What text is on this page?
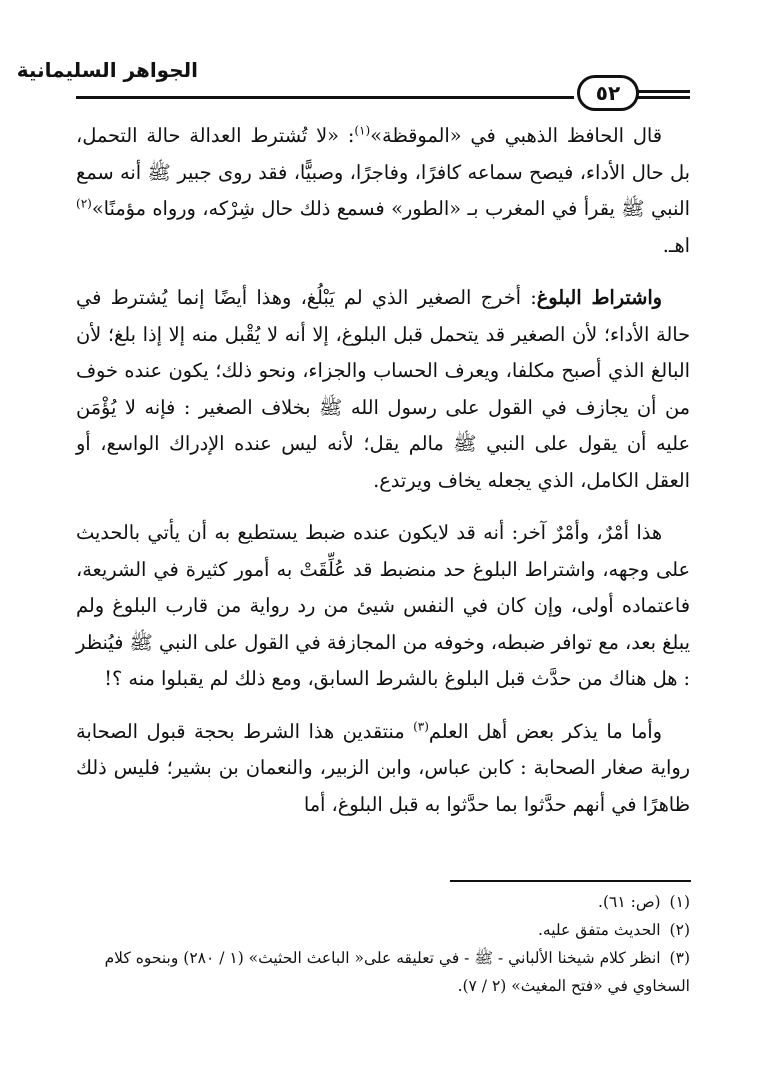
الجواهر السليمانية
٥٢

قال الحافظ الذهبي في «الموقظة»$^{(١)}$: «لا تُشترط العدالة حالة التحمل، بل حال الأداء، فيصح سماعه كافرًا، وفاجرًا، وصبيًّا، فقد روى جبير ﷺ أنه سمع النبي ﷺ يقرأ في المغرب بـ «الطور» فسمع ذلك حال شِرْكه، ورواه مؤمنًا»$^{(٢)}$ اهـ.

واشتراط البلوغ: أخرج الصغير الذي لم يَبْلُغ، وهذا أيضًا إنما يُشترط في حالة الأداء؛ لأن الصغير قد يتحمل قبل البلوغ، إلا أنه لا يُقْبل منه إلا إذا بلغ؛ لأن البالغ الذي أصبح مكلفا، ويعرف الحساب والجزاء، ونحو ذلك؛ يكون عنده خوف من أن يجازف في القول على رسول الله ﷺ بخلاف الصغير : فإنه لا يُؤْمَن عليه أن يقول على النبي ﷺ مالم يقل؛ لأنه ليس عنده الإدراك الواسع، أو العقل الكامل، الذي يجعله يخاف ويرتدع.

هذا أمْرٌ، وأمْرٌ آخر: أنه قد لايكون عنده ضبط يستطيع به أن يأتي بالحديث على وجهه، واشتراط البلوغ حد منضبط قد عُلِّقَتْ به أمور كثيرة في الشريعة، فاعتماده أولى، وإن كان في النفس شيئ من رد رواية من قارب البلوغ ولم يبلغ بعد، مع توافر ضبطه، وخوفه من المجازفة في القول على النبي ﷺ فيُنظر : هل هناك من حدَّث قبل البلوغ بالشرط السابق، ومع ذلك لم يقبلوا منه ؟!

وأما ما يذكر بعض أهل العلم$^{(٣)}$ منتقدين هذا الشرط بحجة قبول الصحابة رواية صغار الصحابة : كابن عباس، وابن الزبير، والنعمان بن بشير؛ فليس ذلك ظاهرًا في أنهم حدَّثوا بما حدَّثوا به قبل البلوغ، أما

(١) (ص: ٦١).

(٢) الحديث متفق عليه.

(٣) انظر كلام شيخنا الألباني - ﷺ - في تعليقه على« الباعث الحثيث» (١ / ٢٨٠) وبنحوه كلام السخاوي في «فتح المغيث» (٢ / ٧).
